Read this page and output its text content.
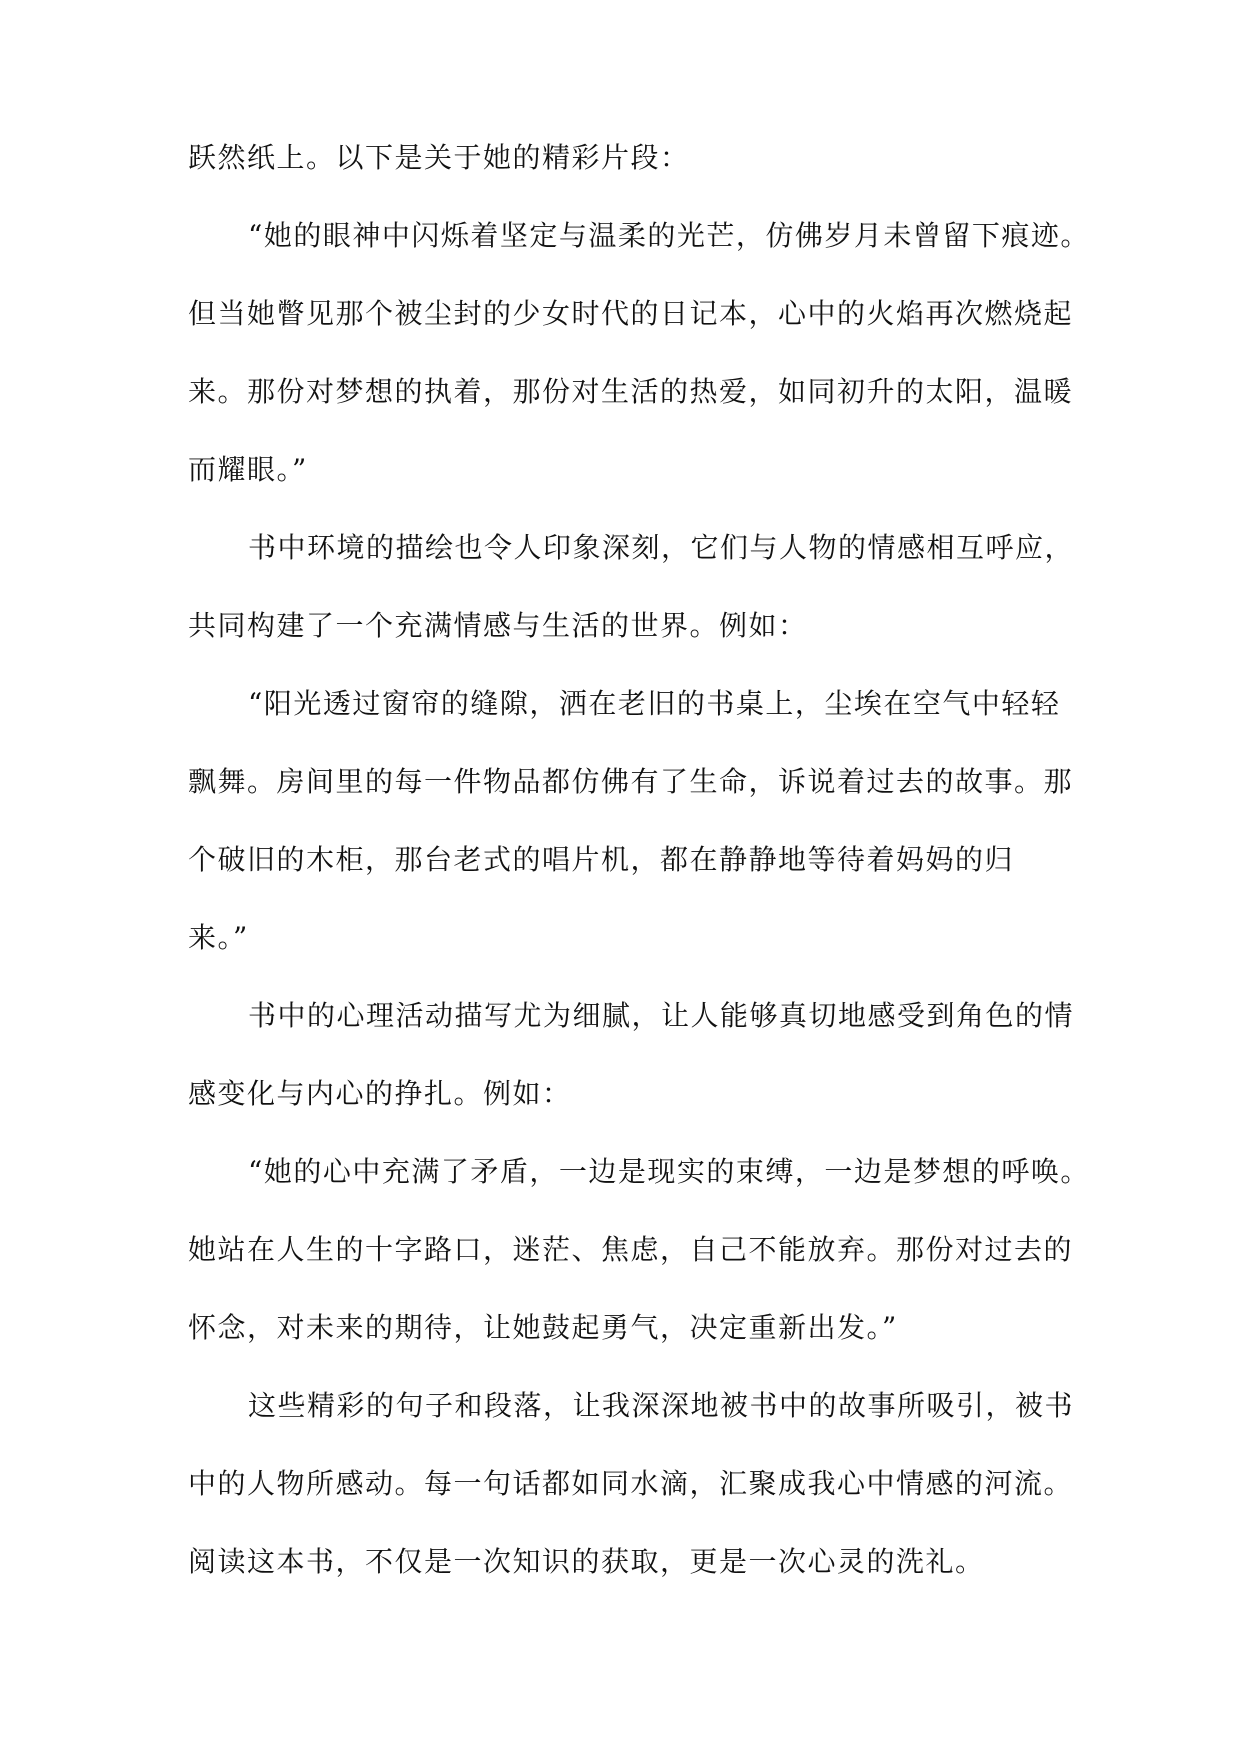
跃然纸上。以下是关于她的精彩片段：
“她的眼神中闪烁着坚定与温柔的光芒，仿佛岁月未曾留下痕迹。
但当她瞥见那个被尘封的少女时代的日记本，心中的火焰再次燃烧起
来。那份对梦想的执着，那份对生活的热爱，如同初升的太阳，温暖
而耀眼。”
书中环境的描绘也令人印象深刻，它们与人物的情感相互呼应，
共同构建了一个充满情感与生活的世界。例如：
“阳光透过窗帘的缝隙，洒在老旧的书桌上，尘埃在空气中轻轻
飘舞。房间里的每一件物品都仿佛有了生命，诉说着过去的故事。那
个破旧的木柜，那台老式的唱片机，都在静静地等待着妈妈的归
来。”
书中的心理活动描写尤为细腻，让人能够真切地感受到角色的情
感变化与内心的挣扎。例如：
“她的心中充满了矛盾，一边是现实的束缚，一边是梦想的呼唤。
她站在人生的十字路口，迷茫、焦虑，自己不能放弃。那份对过去的
怀念，对未来的期待，让她鼓起勇气，决定重新出发。”
这些精彩的句子和段落，让我深深地被书中的故事所吸引，被书
中的人物所感动。每一句话都如同水滴，汇聚成我心中情感的河流。
阅读这本书，不仅是一次知识的获取，更是一次心灵的洗礼。
